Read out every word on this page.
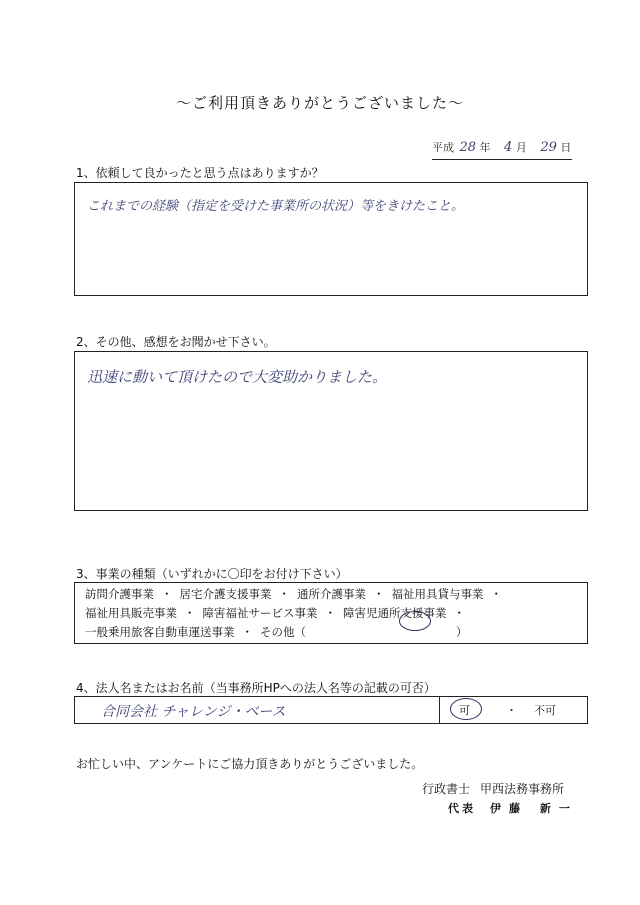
〜ご利用頂きありがとうございました〜
平成 28 年 4 月 29 日
1、依頼して良かったと思う点はありますか？
これまでの経験（指定を受けた事業所の状況）等をきけたこと。
2、その他、感想をお聞かせ下さい。
迅速に動いて頂けたので大変助かりました。
3、事業の種類（いずれかに〇印をお付け下さい）
訪問介護事業 ・ 居宅介護支援事業 ・ 通所介護事業 ・ 福祉用具貸与事業 ・
福祉用具販売事業 ・ 障害福祉サービス事業 ・ 障害児通所支援事業 ・
一般乗用旅客自動車運送事業 ・ その他（	）
4、法人名またはお名前（当事務所HPへの法人名等の記載の可否）
合同会社 チャレンジ・ベース	可	・ 不可
お忙しい中、アンケートにご協力頂きありがとうございました。
行政書士 甲西法務事務所
代表 伊藤 新一
